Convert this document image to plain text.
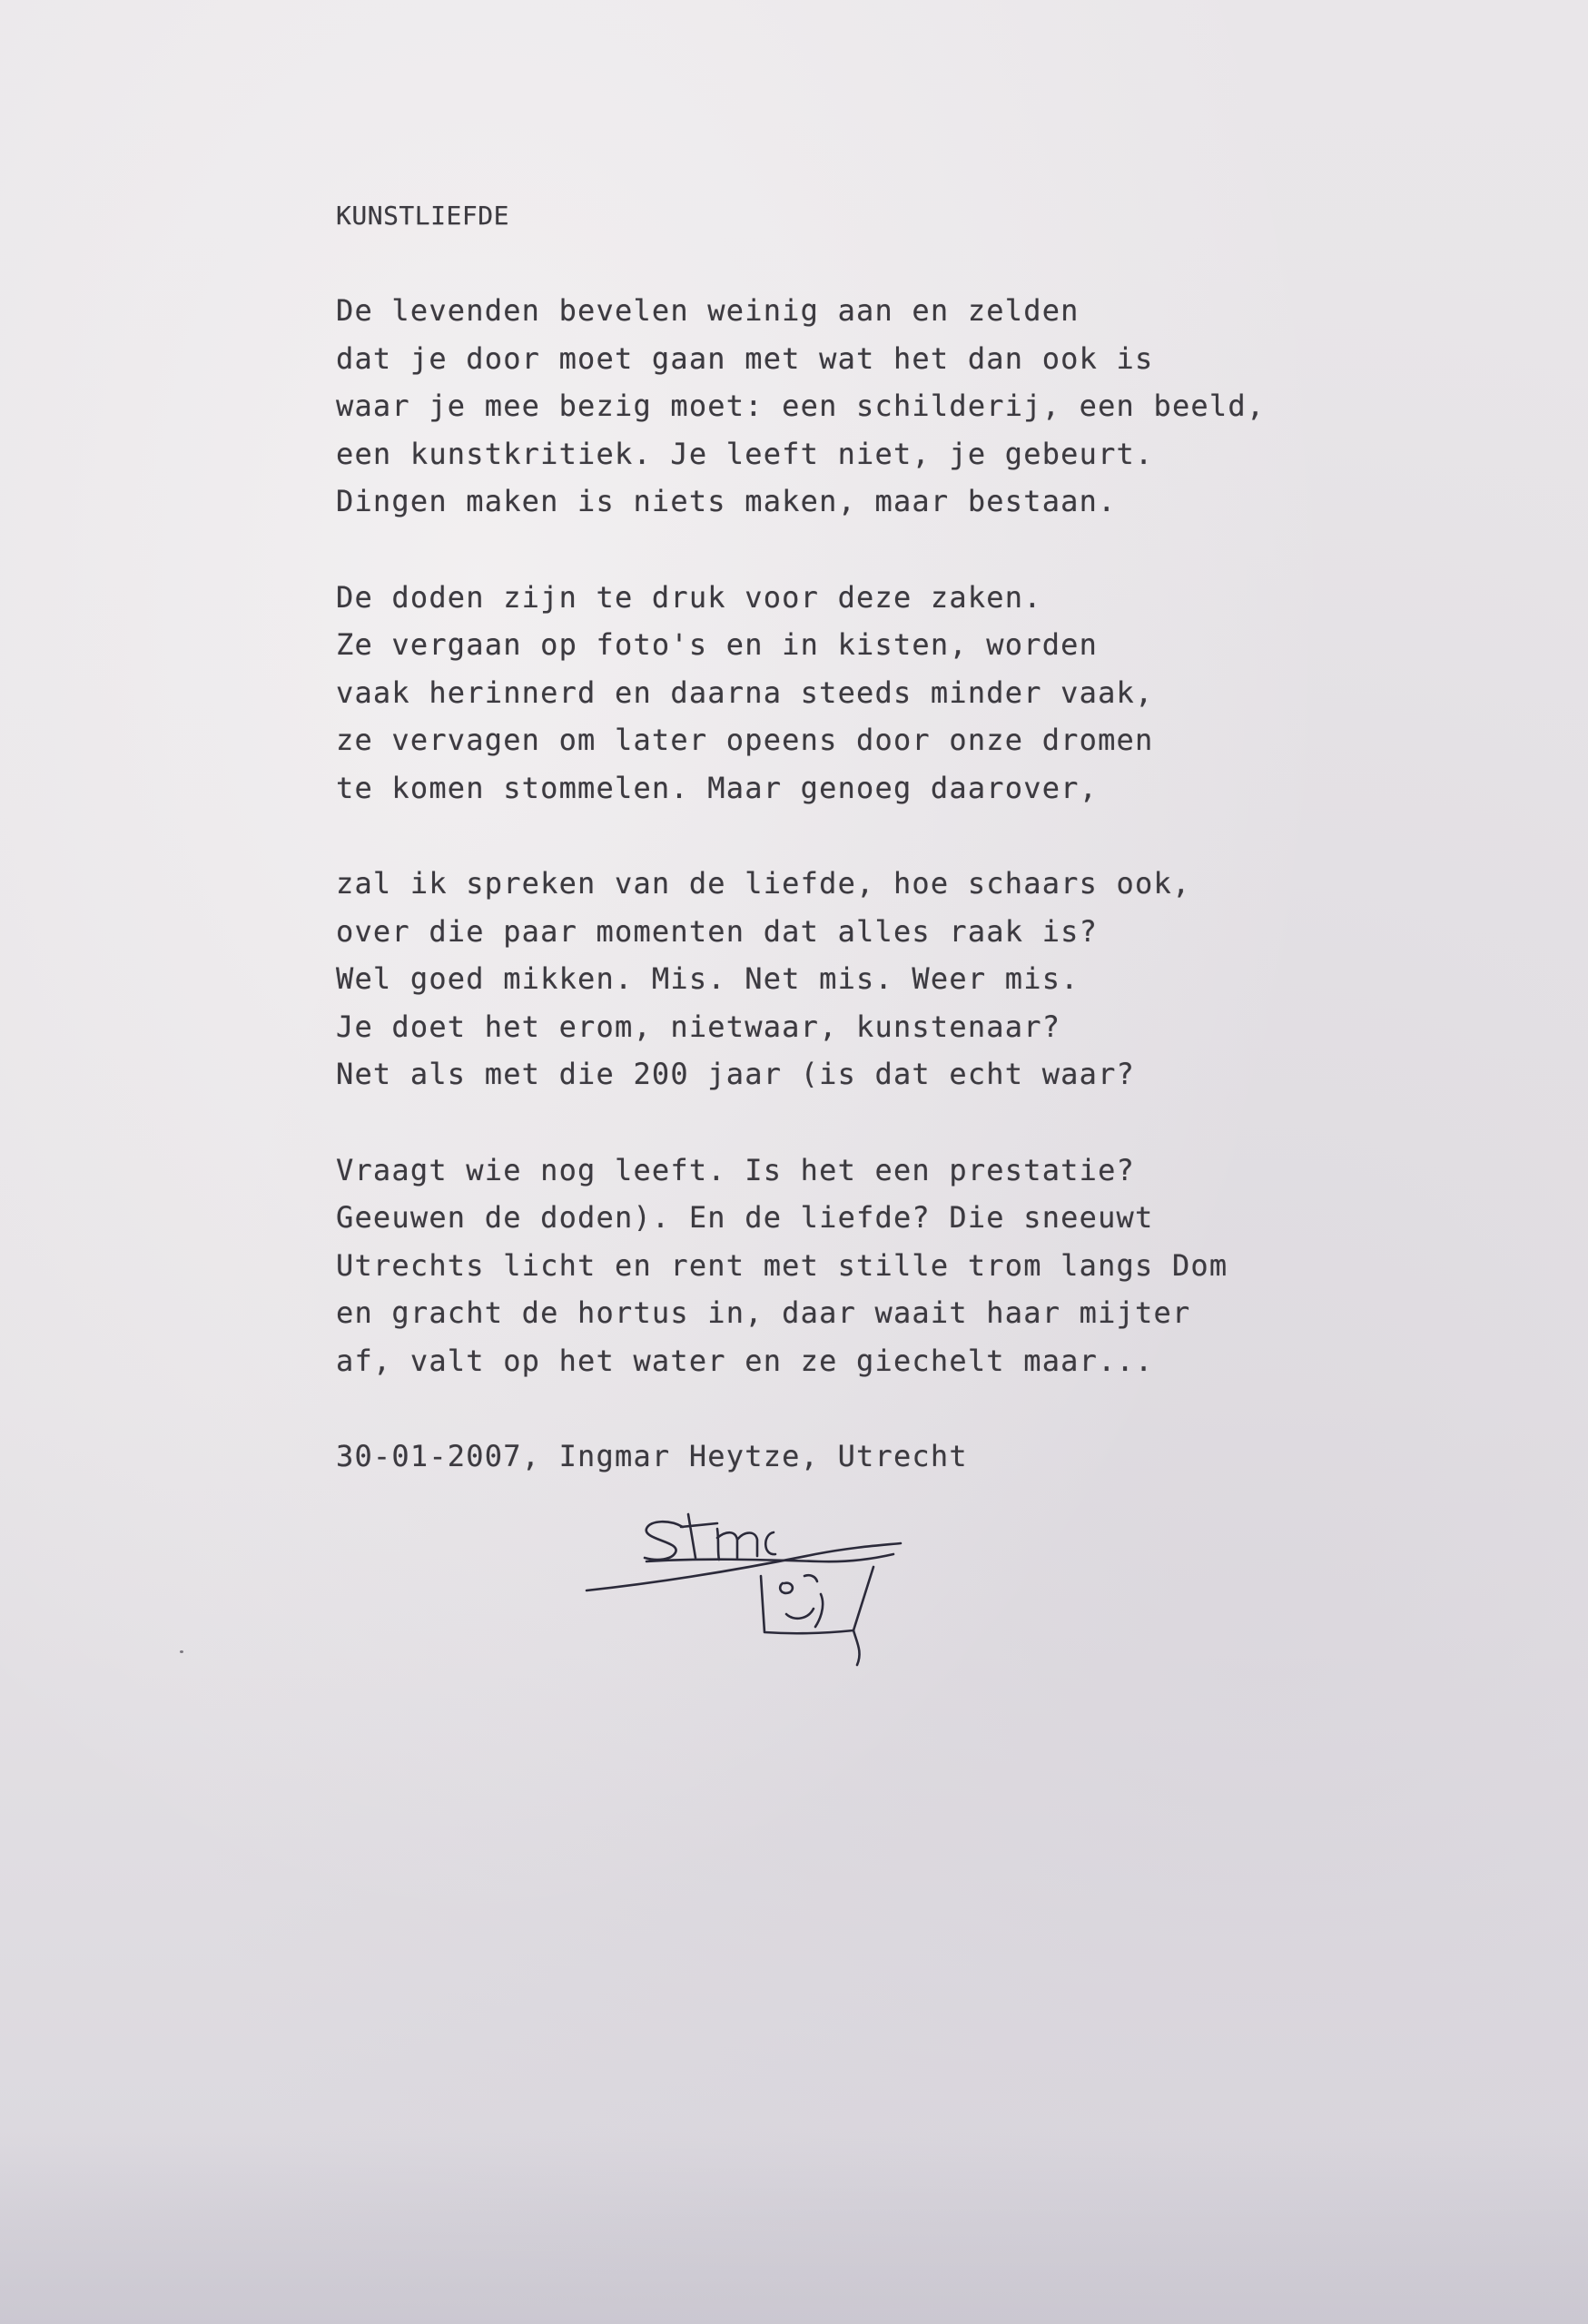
KUNSTLIEFDE
De levenden bevelen weinig aan en zelden
dat je door moet gaan met wat het dan ook is
waar je mee bezig moet: een schilderij, een beeld,
een kunstkritiek. Je leeft niet, je gebeurt.
Dingen maken is niets maken, maar bestaan.
De doden zijn te druk voor deze zaken.
Ze vergaan op foto's en in kisten, worden
vaak herinnerd en daarna steeds minder vaak,
ze vervagen om later opeens door onze dromen
te komen stommelen. Maar genoeg daarover,
zal ik spreken van de liefde, hoe schaars ook,
over die paar momenten dat alles raak is?
Wel goed mikken. Mis. Net mis. Weer mis.
Je doet het erom, nietwaar, kunstenaar?
Net als met die 200 jaar (is dat echt waar?
Vraagt wie nog leeft. Is het een prestatie?
Geeuwen de doden). En de liefde? Die sneeuwt
Utrechts licht en rent met stille trom langs Dom
en gracht de hortus in, daar waait haar mijter
af, valt op het water en ze giechelt maar...
30-01-2007, Ingmar Heytze, Utrecht
